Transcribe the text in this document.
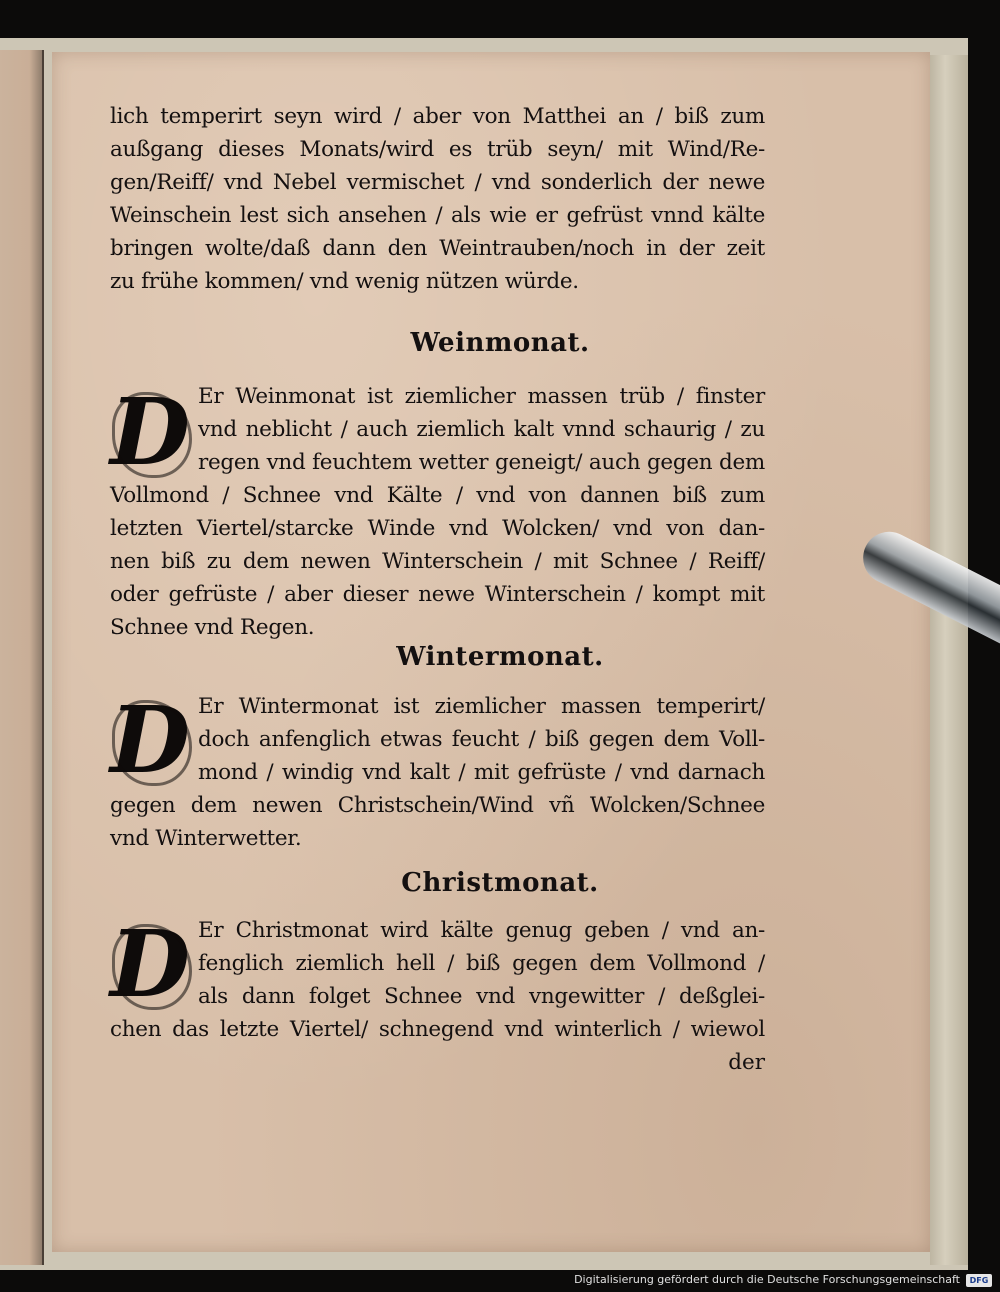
lich temperirt seyn wird / aber von Matthei an / biß zum
außgang dieses Monats/wird es trüb seyn/ mit Wind/Re-
gen/Reiff/ vnd Nebel vermischet / vnd sonderlich der newe
Weinschein lest sich ansehen / als wie er gefrüst vnnd kälte
bringen wolte/daß dann den Weintrauben/noch in der zeit
zu frühe kommen/ vnd wenig nützen würde.
Weinmonat.
D Er Weinmonat ist ziemlicher massen trüb / finster
vnd neblicht / auch ziemlich kalt vnnd schaurig / zu
regen vnd feuchtem wetter geneigt/ auch gegen dem
Vollmond / Schnee vnd Kälte / vnd von dannen biß zum
letzten Viertel/starcke Winde vnd Wolcken/ vnd von dan-
nen biß zu dem newen Winterschein / mit Schnee / Reiff/
oder gefrüste / aber dieser newe Winterschein / kompt mit
Schnee vnd Regen.
Wintermonat.
D Er Wintermonat ist ziemlicher massen temperirt/
doch anfenglich etwas feucht / biß gegen dem Voll-
mond / windig vnd kalt / mit gefrüste / vnd darnach
gegen dem newen Christschein/Wind vñ Wolcken/Schnee
vnd Winterwetter.
Christmonat.
D Er Christmonat wird kälte genug geben / vnd an-
fenglich ziemlich hell / biß gegen dem Vollmond /
als dann folget Schnee vnd vngewitter / deßglei-
chen das letzte Viertel/ schnegend vnd winterlich / wiewol
der
Digitalisierung gefördert durch die Deutsche Forschungsgemeinschaft	DFG
